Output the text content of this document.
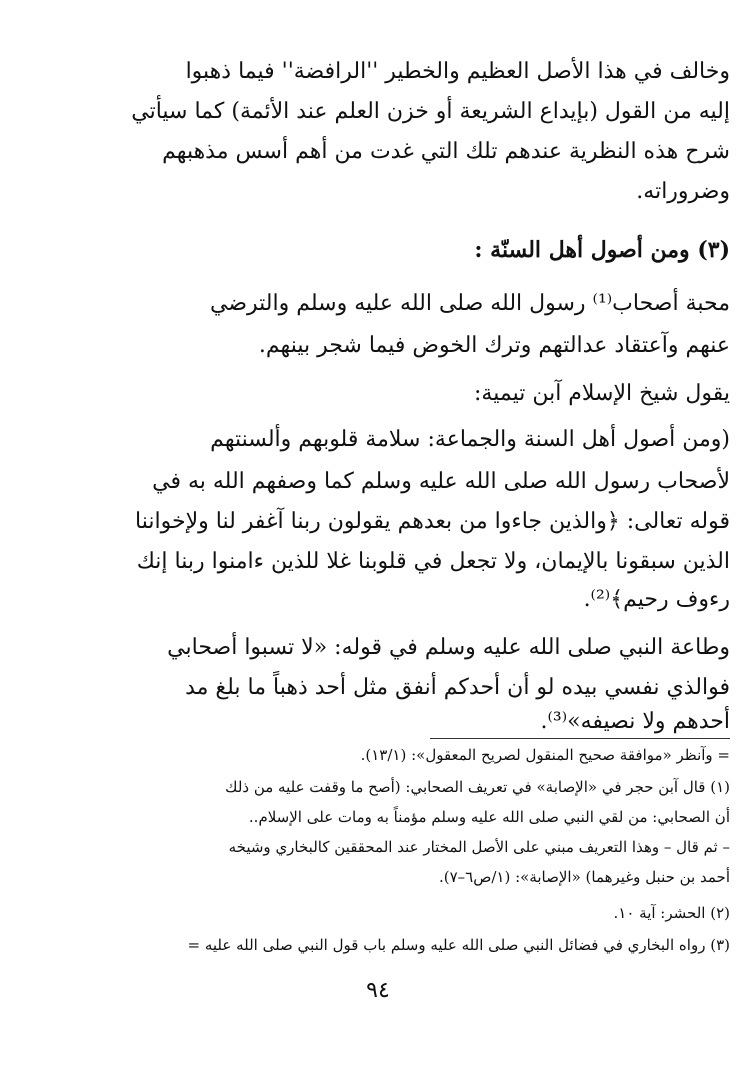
وخالف في هذا الأصل العظيم والخطير ''الرافضة'' فيما ذهبوا
إليه من القول (بإيداع الشريعة أو خزن العلم عند الأئمة) كما سيأتي
شرح هذه النظرية عندهم تلك التي غدت من أهم أسس مذهبهم
وضروراته.
(٣) ومن أصول أهل السنّة :
محبة أصحاب⁽¹⁾ رسول الله صلى الله عليه وسلم والترضي
عنهم وآعتقاد عدالتهم وترك الخوض فيما شجر بينهم.
يقول شيخ الإسلام آبن تيمية:
(ومن أصول أهل السنة والجماعة: سلامة قلوبهم وألسنتهم
لأصحاب رسول الله صلى الله عليه وسلم كما وصفهم الله به في
قوله تعالى: ﴿والذين جاءوا من بعدهم يقولون ربنا آغفر لنا ولإخواننا
الذين سبقونا بالإيمان، ولا تجعل في قلوبنا غلا للذين ءامنوا ربنا إنك
رءوف رحيم﴾⁽²⁾.
وطاعة النبي صلى الله عليه وسلم في قوله: «لا تسبوا أصحابي
فوالذي نفسي بيده لو أن أحدكم أنفق مثل أحد ذهباً ما بلغ مد
أحدهم ولا نصيفه»⁽³⁾.
= وآنظر «موافقة صحيح المنقول لصريح المعقول»: (١٣/١).
(١) قال آبن حجر في «الإصابة» في تعريف الصحابي: (أصح ما وقفت عليه من ذلك
أن الصحابي: من لقي النبي صلى الله عليه وسلم مؤمناً به ومات على الإسلام..
– ثم قال – وهذا التعريف مبني على الأصل المختار عند المحققين كالبخاري وشيخه
أحمد بن حنبل وغيرهما) «الإصابة»: (١/ص٦–٧).
(٢) الحشر: آية ١٠.
(٣) رواه البخاري في فضائل النبي صلى الله عليه وسلم باب قول النبي صلى الله عليه =
٩٤
